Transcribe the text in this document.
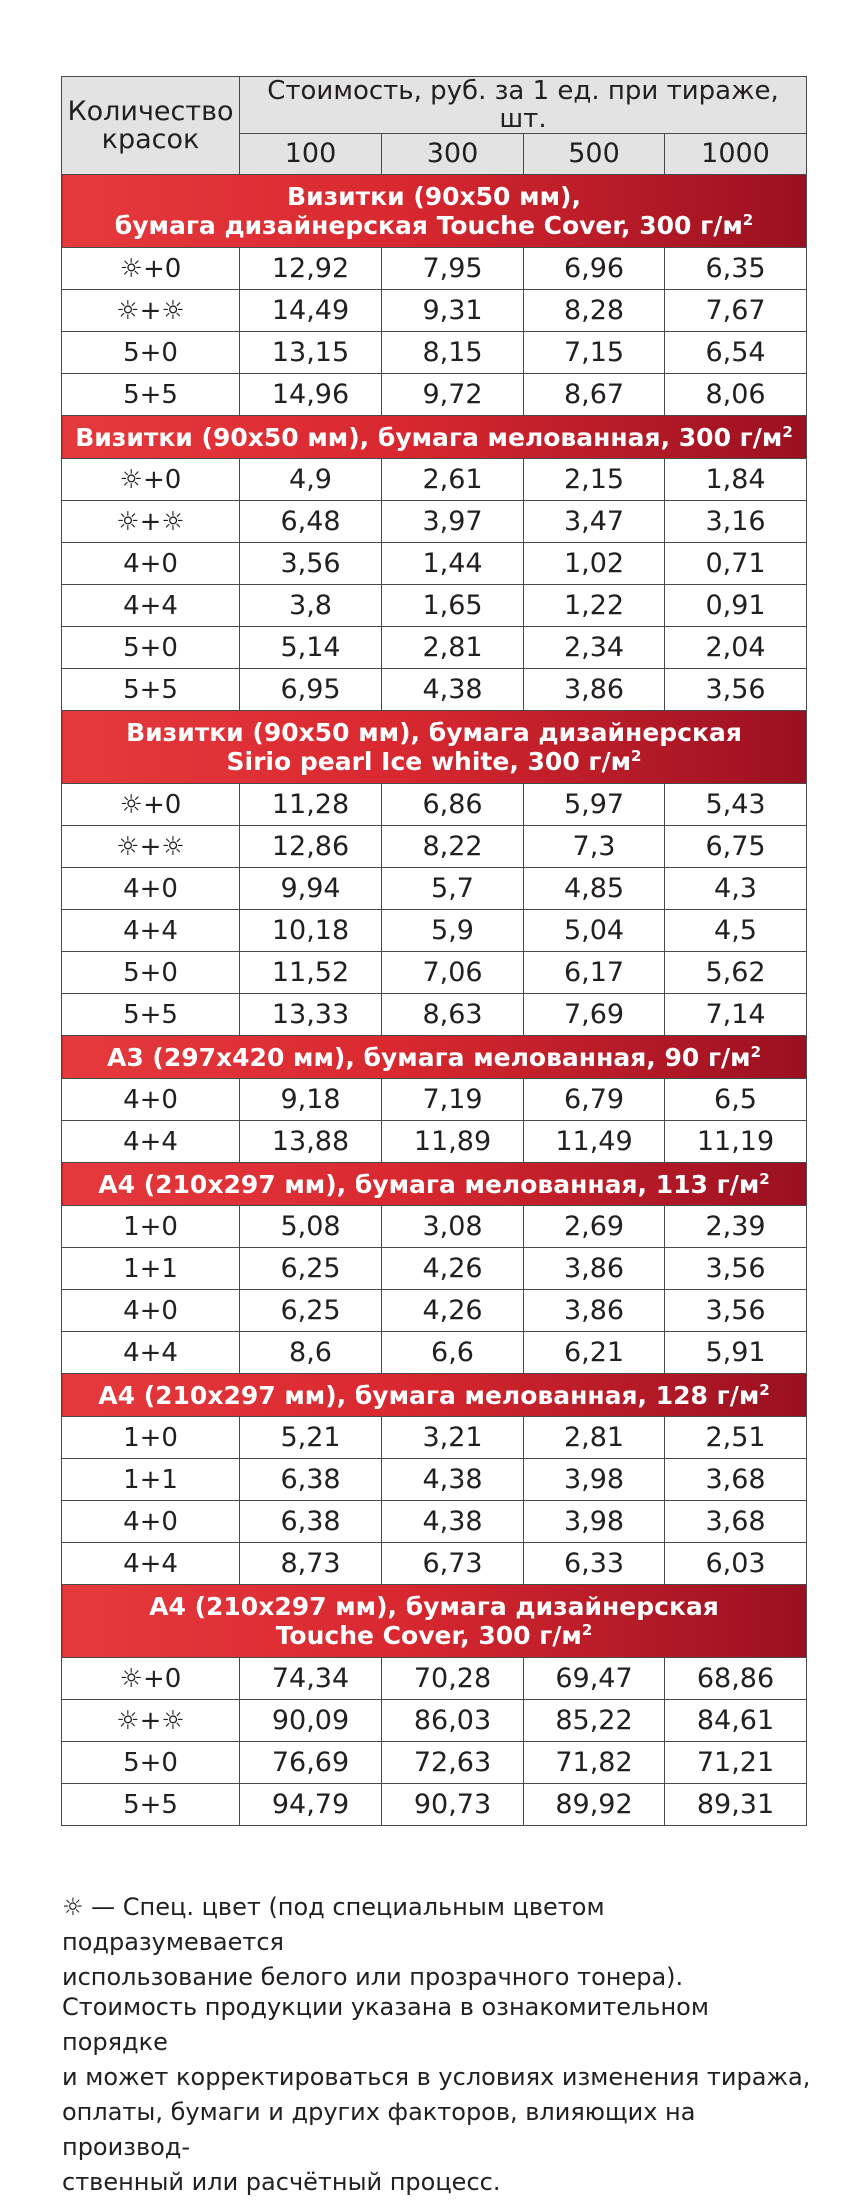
Количество красок	Стоимость, руб. за 1 ед. при тираже, шт.			
	100	300	500	1000

Визитки (90х50 мм),
бумага дизайнерская Touche Cover, 300 $г/м^2$

☼+0	12,92	7,95	6,96	6,35
☼+☼	14,49	9,31	8,28	7,67
5+0	13,15	8,15	7,15	6,54
5+5	14,96	9,72	8,67	8,06

Визитки (90х50 мм), бумага мелованная, 300 $г/м^2$

☼+0	4,9	2,61	2,15	1,84
☼+☼	6,48	3,97	3,47	3,16
4+0	3,56	1,44	1,02	0,71
4+4	3,8	1,65	1,22	0,91
5+0	5,14	2,81	2,34	2,04
5+5	6,95	4,38	3,86	3,56

Визитки (90х50 мм), бумага дизайнерская
Sirio pearl Ice white, 300 $г/м^2$

☼+0	11,28	6,86	5,97	5,43
☼+☼	12,86	8,22	7,3	6,75
4+0	9,94	5,7	4,85	4,3
4+4	10,18	5,9	5,04	4,5
5+0	11,52	7,06	6,17	5,62
5+5	13,33	8,63	7,69	7,14

А3 (297х420 мм), бумага мелованная, 90 $г/м^2$

4+0	9,18	7,19	6,79	6,5
4+4	13,88	11,89	11,49	11,19

А4 (210х297 мм), бумага мелованная, 113 $г/м^2$

1+0	5,08	3,08	2,69	2,39
1+1	6,25	4,26	3,86	3,56
4+0	6,25	4,26	3,86	3,56
4+4	8,6	6,6	6,21	5,91

А4 (210х297 мм), бумага мелованная, 128 $г/м^2$

1+0	5,21	3,21	2,81	2,51
1+1	6,38	4,38	3,98	3,68
4+0	6,38	4,38	3,98	3,68
4+4	8,73	6,73	6,33	6,03

А4 (210х297 мм), бумага дизайнерская
Touche Cover, 300 $г/м^2$

☼+0	74,34	70,28	69,47	68,86
☼+☼	90,09	86,03	85,22	84,61
5+0	76,69	72,63	71,82	71,21
5+5	94,79	90,73	89,92	89,31

☼ — Спец. цвет (под специальным цветом подразумевается

использование белого или прозрачного тонера).

Стоимость продукции указана в ознакомительном порядке

и может корректироваться в условиях изменения тиража,

оплаты, бумаги и других факторов, влияющих на производ-

ственный или расчётный процесс.
